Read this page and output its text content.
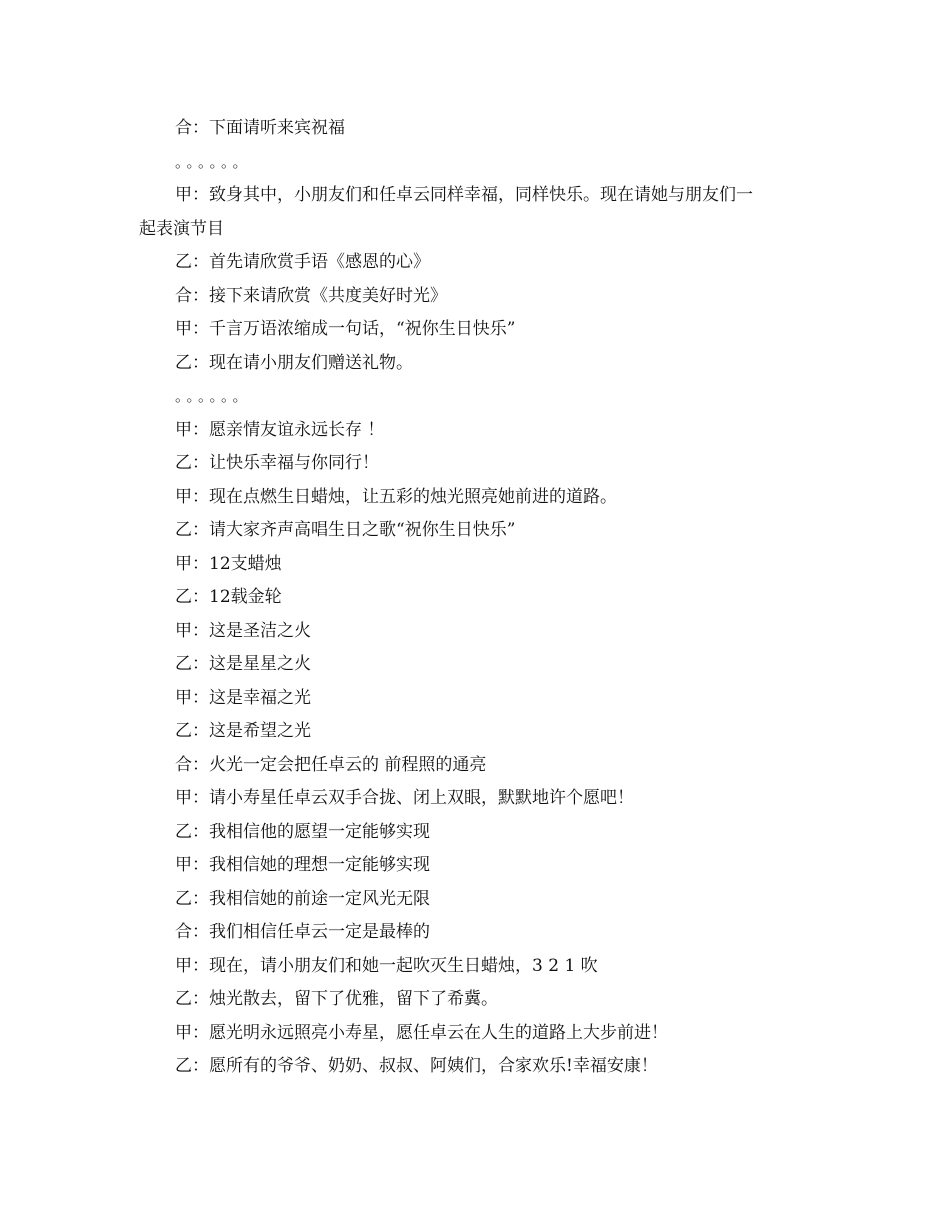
合：下面请听来宾祝福
。。。。。。
甲：致身其中，小朋友们和任卓云同样幸福，同样快乐。现在请她与朋友们一
起表演节目
乙：首先请欣赏手语《感恩的心》
合：接下来请欣赏《共度美好时光》
甲：千言万语浓缩成一句话，“祝你生日快乐”
乙：现在请小朋友们赠送礼物。
。。。。。。
甲：愿亲情友谊永远长存 ！
乙：让快乐幸福与你同行！
甲：现在点燃生日蜡烛，让五彩的烛光照亮她前进的道路。
乙：请大家齐声高唱生日之歌“祝你生日快乐”
甲：12支蜡烛
乙：12载金轮
甲：这是圣洁之火
乙：这是星星之火
甲：这是幸福之光
乙：这是希望之光
合：火光一定会把任卓云的 前程照的通亮
甲：请小寿星任卓云双手合拢、闭上双眼，默默地许个愿吧！
乙：我相信他的愿望一定能够实现
甲：我相信她的理想一定能够实现
乙：我相信她的前途一定风光无限
合：我们相信任卓云一定是最棒的
甲：现在，请小朋友们和她一起吹灭生日蜡烛，3 2 1 吹
乙：烛光散去，留下了优雅，留下了希冀。
甲：愿光明永远照亮小寿星，愿任卓云在人生的道路上大步前进！
乙：愿所有的爷爷、奶奶、叔叔、阿姨们，合家欢乐!幸福安康！
